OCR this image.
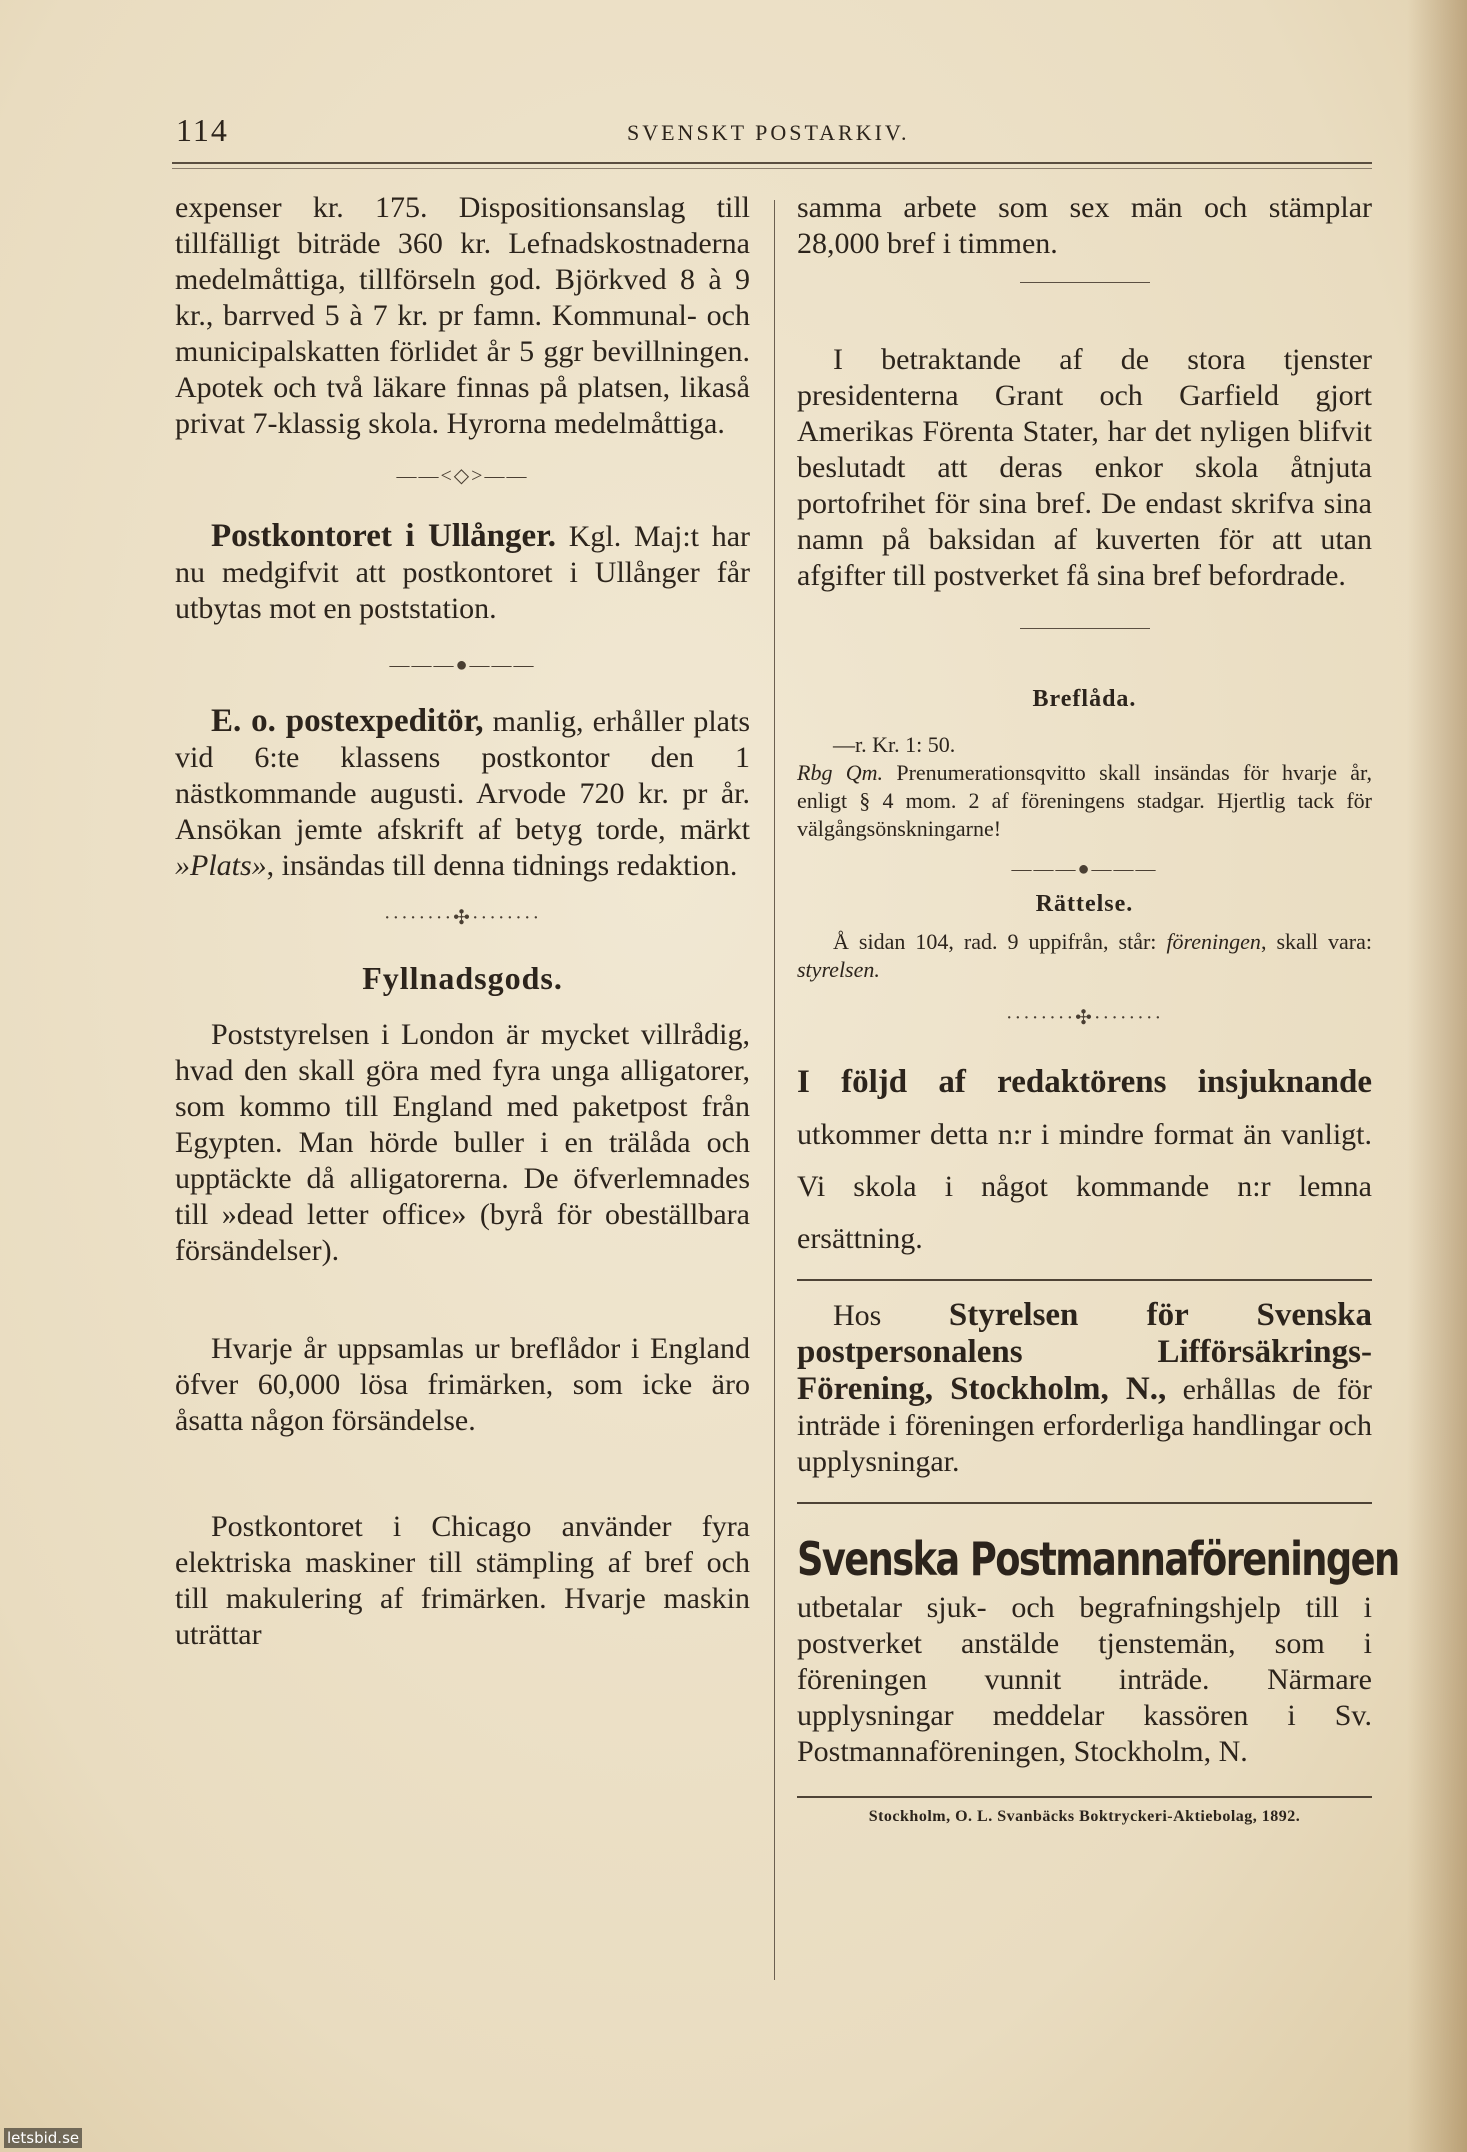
114	SVENSKT POSTARKIV.

expenser kr. 175. Dispositionsanslag till tillfälligt biträde 360 kr. Lefnadskostnaderna medelmåttiga, tillförseln god. Björkved 8 à 9 kr., barrved 5 à 7 kr. pr famn. Kommunal- och municipalskatten förlidet år 5 ggr bevillningen. Apotek och två läkare finnas på platsen, likaså privat 7-klassig skola. Hyrorna medelmåttiga.

——<◇>——

Postkontoret i Ullånger. Kgl. Maj:t har nu medgifvit att postkontoret i Ullånger får utbytas mot en poststation.

———●———

E. o. postexpeditör, manlig, erhåller plats vid 6:te klassens postkontor den 1 nästkommande augusti. Arvode 720 kr. pr år. Ansökan jemte afskrift af betyg torde, märkt »Plats», insändas till denna tidnings redaktion.

········✣········
Fyllnadsgods.

Poststyrelsen i London är mycket villrådig, hvad den skall göra med fyra unga alligatorer, som kommo till England med paketpost från Egypten. Man hörde buller i en trälåda och upptäckte då alligatorerna. De öfverlemnades till »dead letter office» (byrå för obeställbara försändelser).

Hvarje år uppsamlas ur breflådor i England öfver 60,000 lösa frimärken, som icke äro åsatta någon försändelse.

Postkontoret i Chicago använder fyra elektriska maskiner till stämpling af bref och till makulering af frimärken. Hvarje maskin uträttar

samma arbete som sex män och stämplar 28,000 bref i timmen.

I betraktande af de stora tjenster presidenterna Grant och Garfield gjort Amerikas Förenta Stater, har det nyligen blifvit beslutadt att deras enkor skola åtnjuta portofrihet för sina bref. De endast skrifva sina namn på baksidan af kuverten för att utan afgifter till postverket få sina bref befordrade.

Breflåda.

—r. Kr. 1: 50.

Rbg Qm. Prenumerationsqvitto skall insändas för hvarje år, enligt § 4 mom. 2 af föreningens stadgar. Hjertlig tack för välgångsönskningarne!

———●———
Rättelse.

Å sidan 104, rad. 9 uppifrån, står: föreningen, skall vara: styrelsen.

········✣········

I följd af redaktörens insjuknande utkommer detta n:r i mindre format än vanligt. Vi skola i något kommande n:r lemna ersättning.

Hos Styrelsen för Svenska postpersonalens Lifförsäkrings-Förening, Stockholm, N., erhållas de för inträde i föreningen erforderliga handlingar och upplysningar.

Svenska Postmannaföreningen

utbetalar sjuk- och begrafningshjelp till i postverket anstälde tjenstemän, som i föreningen vunnit inträde. Närmare upplysningar meddelar kassören i Sv. Postmannaföreningen, Stockholm, N.

Stockholm, O. L. Svanbäcks Boktryckeri-Aktiebolag, 1892.
letsbid.se
